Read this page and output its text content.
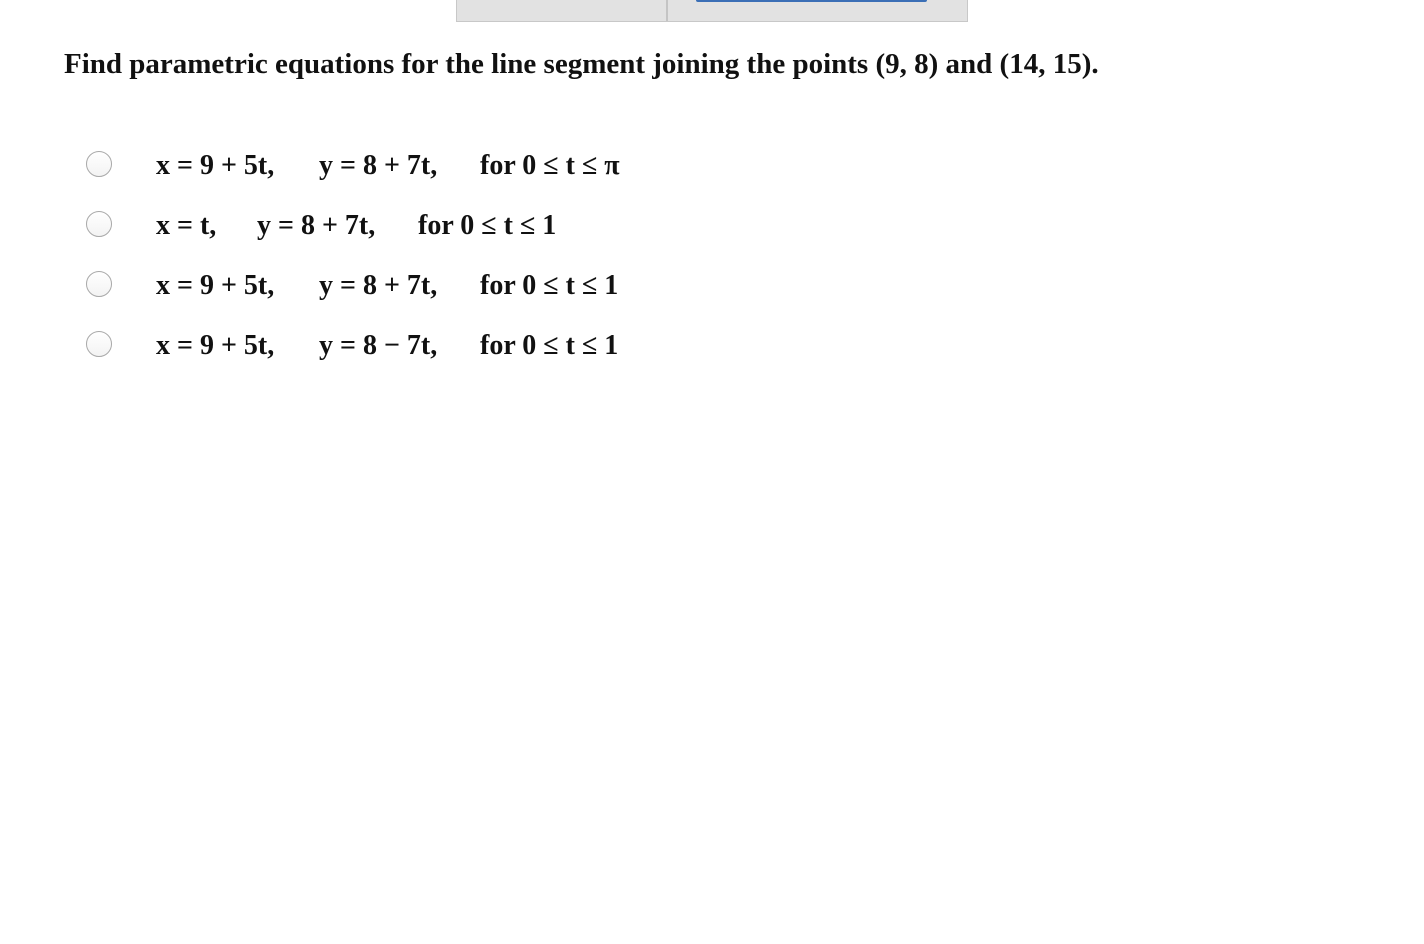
Find parametric equations for the line segment joining the points (9, 8) and (14, 15).
x = 9 + 5t, y = 8 + 7t, for 0 ≤ t ≤ π
x = t, y = 8 + 7t, for 0 ≤ t ≤ 1
x = 9 + 5t, y = 8 + 7t, for 0 ≤ t ≤ 1
x = 9 + 5t, y = 8 − 7t, for 0 ≤ t ≤ 1
